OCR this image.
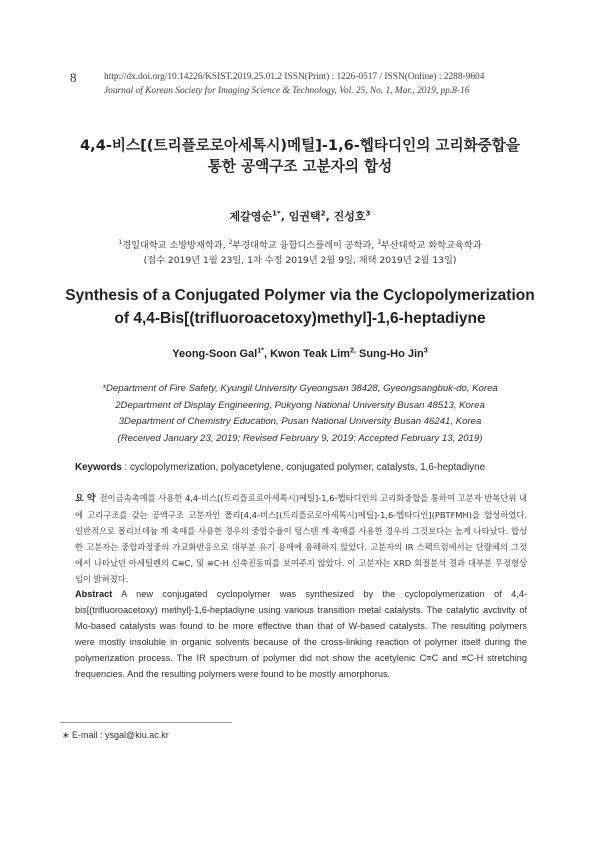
8	http://dx.doi.org/10.14226/KSIST.2019.25.01.2 ISSN(Print) : 1226-0517 / ISSN(Online) : 2288-9604
Journal of Korean Society for Imaging Science & Technology, Vol. 25, No. 1, Mar., 2019, pp.8-16
4,4-비스[(트리플로로아세톡시)메틸]-1,6-헵타디인의 고리화중합을
통한 공액구조 고분자의 합성
제갈영순$^{1*}$, 임권택$^2$, 진성호$^3$
$^1$경일대학교 소방방재학과, $^2$부경대학교 융합디스플레이 공학과, $^3$부산대학교 화학교육학과
(접수 2019년 1월 23일, 1차 수정 2019년 2월 9일, 채택 2019년 2월 13일)
Synthesis of a Conjugated Polymer via the Cyclopolymerization
of 4,4-Bis[(trifluoroacetoxy)methyl]-1,6-heptadiyne
Yeong-Soon Gal$^{1*}$, Kwon Teak Lim$^{2,}$ Sung-Ho Jin$^3$
*Department of Fire Safety, Kyungil University Gyeongsan 38428, Gyeongsangbuk-do, Korea
2Department of Display Engineering, Pukyong National University Busan 48513, Korea
3Department of Chemistry Education, Pusan National University Busan 46241, Korea
(Received January 23, 2019; Revised February 9, 2019; Accepted February 13, 2019)
Keywords : cyclopolymerization, polyacetylene, conjugated polymer, catalysts, 1,6-heptadiyne
요 약 전이금속촉매를 사용한 4,4-비스[(트리플로로아세톡시)메틸]-1,6-헵타디인의 고리화중합을 통하여 고분자 반복단위 내에 고리구조를 갖는 공액구조 고분자인 폴리[4,4-비스[(트리플로로아세톡시)메틸]-1,6-헵타디인](PBTFMH)을 합성하였다. 일반적으로 몰리브데늄 계 촉매를 사용한 경우의 중합수율이 텅스텐 계 촉매를 사용한 경우의 그것보다는 높게 나타났다. 합성한 고분자는 중합과정중의 가교화반응으로 대부분 유기 용매에 용해하지 않았다. 고분자의 IR 스펙트럼에서는 단량체의 그것에서 나타났던 아세틸렌의 C≡C, 및 ≡C-H 신축진동띠를 보여주지 않았다. 이 고분자는 XRD 회절분석 결과 대부분 무정형상임이 밝혀졌다.
Abstract A new conjugated cyclopolymer was synthesized by the cyclopolymerization of 4,4-bis[(trifluoroacetoxy) methyl]-1,6-heptadiyne using various transition metal catalysts. The catalytic avctivity of Mo-based catalysts was found to be more effective than that of W-based catalysts. The resulting polymers were mostly insoluble in organic solvents because of the cross-linking reaction of polymer itself during the polymerization process. The IR spectrum of polymer did not show the acetylenic C≡C and ≡C-H stretching frequencies. And the resulting polymers were found to be mostly amorphorus.
∗ E-mail : ysgal@kiu.ac.kr
